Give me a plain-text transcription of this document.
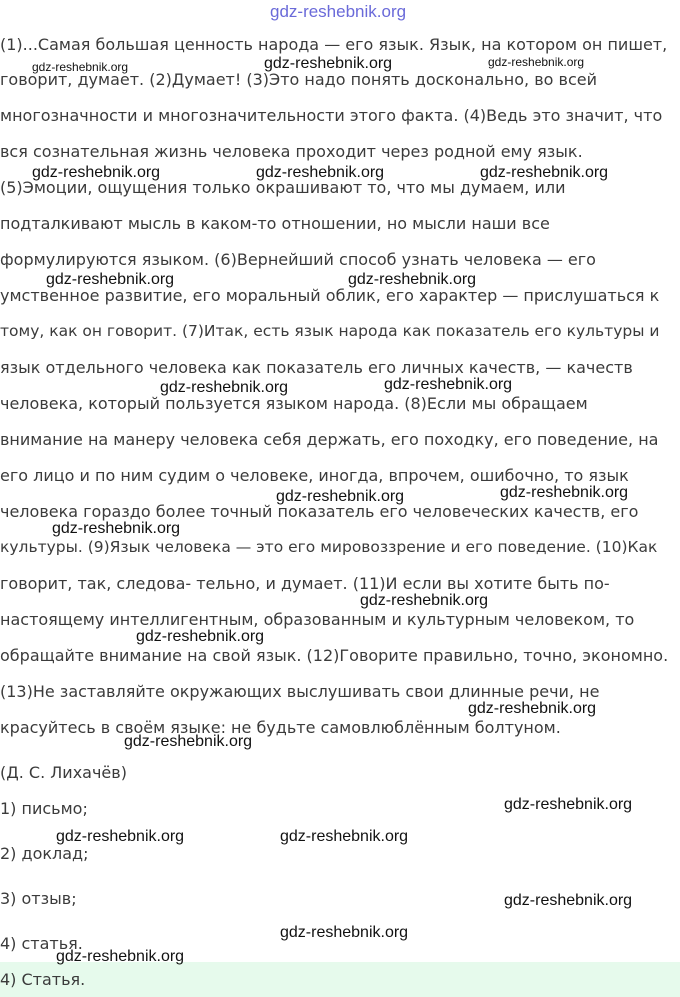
gdz-reshebnik.org
(1)...Самая большая ценность народа — его язык. Язык, на котором он пишет,
говорит, думает. (2)Думает! (3)Это надо понять досконально, во всей
многозначности и многозначительности этого факта. (4)Ведь это значит, что
вся сознательная жизнь человека проходит через родной ему язык.
(5)Эмоции, ощущения только окрашивают то, что мы думаем, или
подталкивают мысль в каком-то отношении, но мысли наши все
формулируются языком. (6)Вернейший способ узнать человека — его
умственное развитие, его моральный облик, его характер — прислушаться к
тому, как он говорит. (7)Итак, есть язык народа как показатель его культуры и
язык отдельного человека как показатель его личных качеств, — качеств
человека, который пользуется языком народа. (8)Если мы обращаем
внимание на манеру человека себя держать, его походку, его поведение, на
его лицо и по ним судим о человеке, иногда, впрочем, ошибочно, то язык
человека гораздо более точный показатель его человеческих качеств, его
культуры. (9)Язык человека — это его мировоззрение и его поведение. (10)Как
говорит, так, следова- тельно, и думает. (11)И если вы хотите быть по-
настоящему интеллигентным, образованным и культурным человеком, то
обращайте внимание на свой язык. (12)Говорите правильно, точно, экономно.
(13)Не заставляйте окружающих выслушивать свои длинные речи, не
красуйтесь в своём языке: не будьте самовлюблённым болтуном.
(Д. С. Лихачёв)
1) письмо;
2) доклад;
3) отзыв;
4) статья.
4) Статья.
gdz-reshebnik.org	gdz-reshebnik.org	gdz-reshebnik.org
gdz-reshebnik.org	gdz-reshebnik.org	gdz-reshebnik.org
gdz-reshebnik.org	gdz-reshebnik.org
gdz-reshebnik.org	gdz-reshebnik.org
gdz-reshebnik.org	gdz-reshebnik.org
gdz-reshebnik.org
gdz-reshebnik.org
gdz-reshebnik.org
gdz-reshebnik.org
gdz-reshebnik.org
gdz-reshebnik.org
gdz-reshebnik.org	gdz-reshebnik.org
gdz-reshebnik.org
gdz-reshebnik.org
gdz-reshebnik.org
